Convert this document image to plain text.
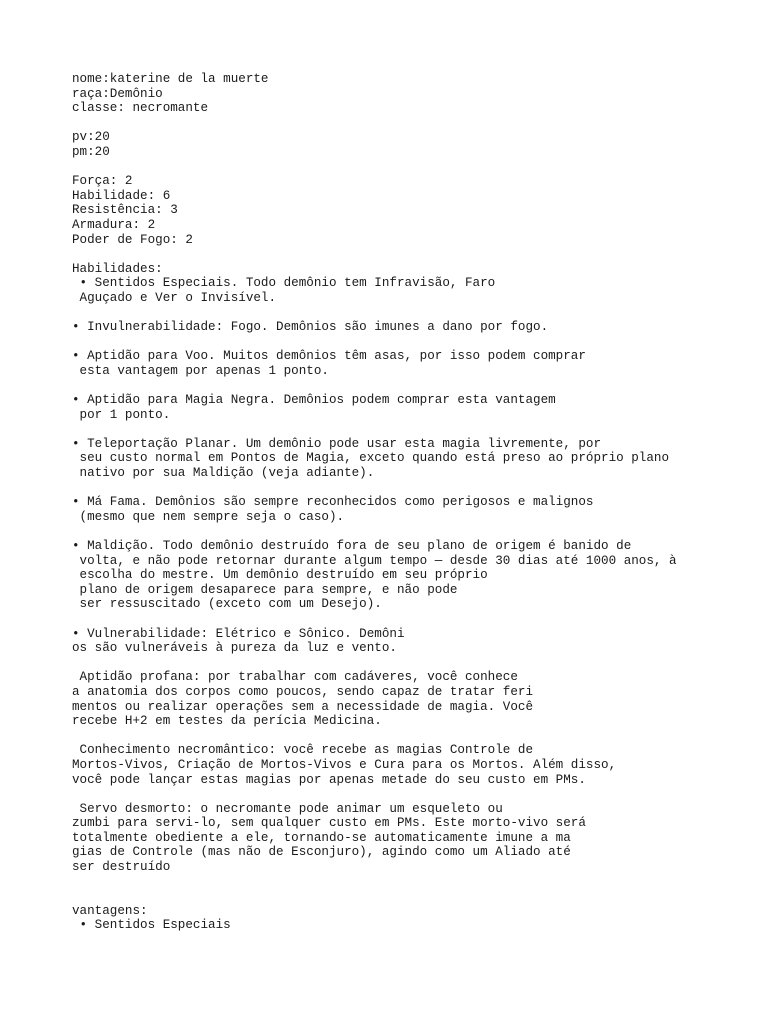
nome:katerine de la muerte
raça:Demônio
classe: necromante
pv:20
pm:20
Força: 2
Habilidade: 6
Resistência: 3
Armadura: 2
Poder de Fogo: 2
Habilidades:
• Sentidos Especiais. Todo demônio tem Infravisão, Faro
Aguçado e Ver o Invisível.
• Invulnerabilidade: Fogo. Demônios são imunes a dano por fogo.
• Aptidão para Voo. Muitos demônios têm asas, por isso podem comprar
esta vantagem por apenas 1 ponto.
• Aptidão para Magia Negra. Demônios podem comprar esta vantagem
por 1 ponto.
• Teleportação Planar. Um demônio pode usar esta magia livremente, por
seu custo normal em Pontos de Magia, exceto quando está preso ao próprio plano
nativo por sua Maldição (veja adiante).
• Má Fama. Demônios são sempre reconhecidos como perigosos e malignos
(mesmo que nem sempre seja o caso).
• Maldição. Todo demônio destruído fora de seu plano de origem é banido de
volta, e não pode retornar durante algum tempo — desde 30 dias até 1000 anos, à
escolha do mestre. Um demônio destruído em seu próprio
plano de origem desaparece para sempre, e não pode
ser ressuscitado (exceto com um Desejo).
• Vulnerabilidade: Elétrico e Sônico. Demôni
os são vulneráveis à pureza da luz e vento.
Aptidão profana: por trabalhar com cadáveres, você conhece
a anatomia dos corpos como poucos, sendo capaz de tratar feri
mentos ou realizar operações sem a necessidade de magia. Você
recebe H+2 em testes da perícia Medicina.
Conhecimento necromântico: você recebe as magias Controle de
Mortos-Vivos, Criação de Mortos-Vivos e Cura para os Mortos. Além disso,
você pode lançar estas magias por apenas metade do seu custo em PMs.
Servo desmorto: o necromante pode animar um esqueleto ou
zumbi para servi-lo, sem qualquer custo em PMs. Este morto-vivo será
totalmente obediente a ele, tornando-se automaticamente imune a ma
gias de Controle (mas não de Esconjuro), agindo como um Aliado até
ser destruído
vantagens:
• Sentidos Especiais
